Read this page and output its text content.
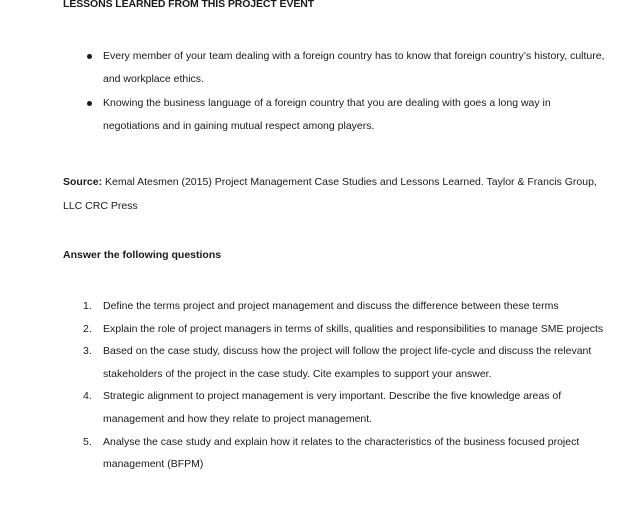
LESSONS LEARNED FROM THIS PROJECT EVENT
Every member of your team dealing with a foreign country has to know that foreign country’s history, culture, and workplace ethics.
Knowing the business language of a foreign country that you are dealing with goes a long way in negotiations and in gaining mutual respect among players.
Source: Kemal Atesmen (2015) Project Management Case Studies and Lessons Learned. Taylor & Francis Group, LLC CRC Press
Answer the following questions
1. Define the terms project and project management and discuss the difference between these terms
2. Explain the role of project managers in terms of skills, qualities and responsibilities to manage SME projects
3. Based on the case study, discuss how the project will follow the project life-cycle and discuss the relevant stakeholders of the project in the case study. Cite examples to support your answer.
4. Strategic alignment to project management is very important. Describe the five knowledge areas of management and how they relate to project management.
5. Analyse the case study and explain how it relates to the characteristics of the business focused project management (BFPM)
